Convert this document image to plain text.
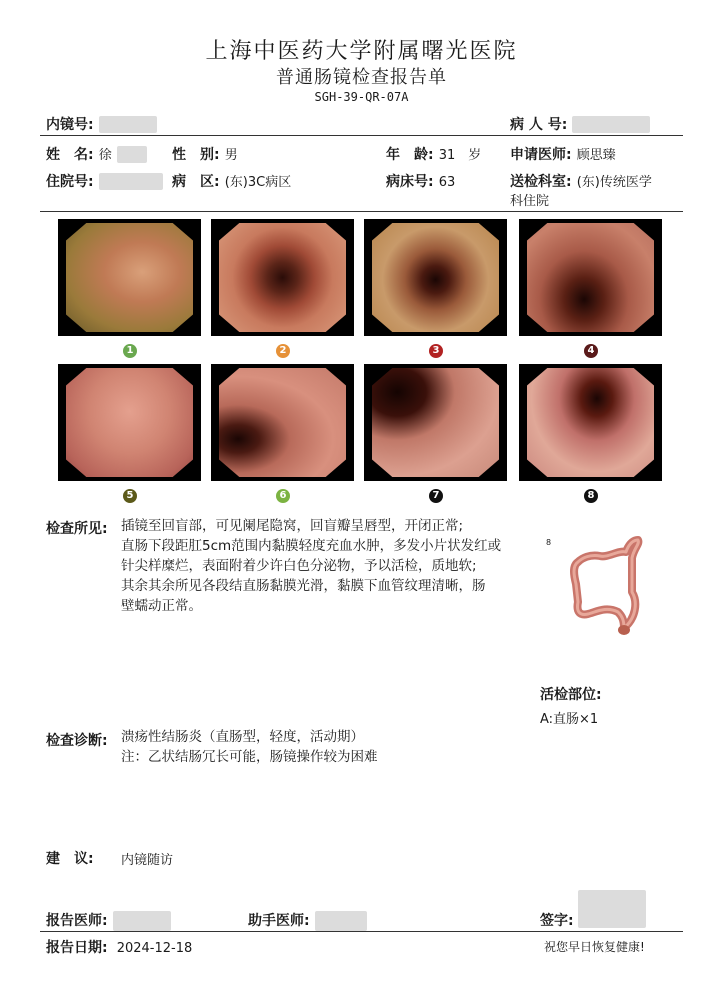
上海中医药大学附属曙光医院
普通肠镜检查报告单
SGH-39-QR-07A
内镜号:	病 人 号:
姓　名: 徐	性　别: 男	年　龄: 31　岁 申请医师: 顾思臻
住院号:	病　区: (东)3C病区	病床号: 63	送检科室: (东)传统医学
科住院
1	2	3	4
5	6	7	8
检查所见: 插镜至回盲部，可见阑尾隐窝，回盲瓣呈唇型，开闭正常;
直肠下段距肛5cm范围内黏膜轻度充血水肿，多发小片状发红或
针尖样糜烂，表面附着少许白色分泌物，予以活检，质地软;
其余其余所见各段结直肠黏膜光滑，黏膜下血管纹理清晰，肠
壁蠕动正常。
8
活检部位:
A:直肠×1
检查诊断: 溃疡性结肠炎（直肠型，轻度，活动期）
注：乙状结肠冗长可能，肠镜操作较为困难
建　议: 内镜随访
报告医师:	助手医师:	签字:
报告日期: 2024-12-18	祝您早日恢复健康!
